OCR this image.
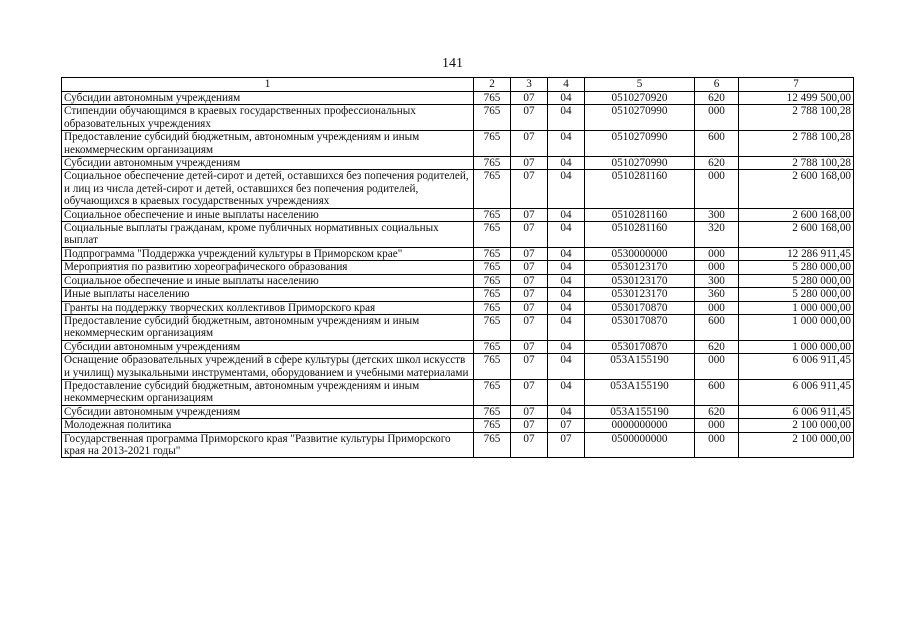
141
1	2	3	4	5	6	7
Субсидии автономным учреждениям	765	07	04	0510270920	620	12 499 500,00
Стипендии обучающимся в краевых государственных профессиональных образовательных учреждениях	765	07	04	0510270990	000	2 788 100,28
Предоставление субсидий бюджетным, автономным учреждениям и иным некоммерческим организациям	765	07	04	0510270990	600	2 788 100,28
Субсидии автономным учреждениям	765	07	04	0510270990	620	2 788 100,28
Социальное обеспечение детей-сирот и детей, оставшихся без попечения родителей, и лиц из числа детей-сирот и детей, оставшихся без попечения родителей, обучающихся в краевых государственных учреждениях	765	07	04	0510281160	000	2 600 168,00
Социальное обеспечение и иные выплаты населению	765	07	04	0510281160	300	2 600 168,00
Социальные выплаты гражданам, кроме публичных нормативных социальных выплат	765	07	04	0510281160	320	2 600 168,00
Подпрограмма "Поддержка учреждений культуры в Приморском крае"	765	07	04	0530000000	000	12 286 911,45
Мероприятия по развитию хореографического образования	765	07	04	0530123170	000	5 280 000,00
Социальное обеспечение и иные выплаты населению	765	07	04	0530123170	300	5 280 000,00
Иные выплаты населению	765	07	04	0530123170	360	5 280 000,00
Гранты на поддержку творческих коллективов Приморского края	765	07	04	0530170870	000	1 000 000,00
Предоставление субсидий бюджетным, автономным учреждениям и иным некоммерческим организациям	765	07	04	0530170870	600	1 000 000,00
Субсидии автономным учреждениям	765	07	04	0530170870	620	1 000 000,00
Оснащение образовательных учреждений в сфере культуры (детских школ искусств и училищ) музыкальными инструментами, оборудованием и учебными материалами	765	07	04	053A155190	000	6 006 911,45
Предоставление субсидий бюджетным, автономным учреждениям и иным некоммерческим организациям	765	07	04	053A155190	600	6 006 911,45
Субсидии автономным учреждениям	765	07	04	053A155190	620	6 006 911,45
Молодежная политика	765	07	07	0000000000	000	2 100 000,00
Государственная программа Приморского края "Развитие культуры Приморского края на 2013-2021 годы"	765	07	07	0500000000	000	2 100 000,00
